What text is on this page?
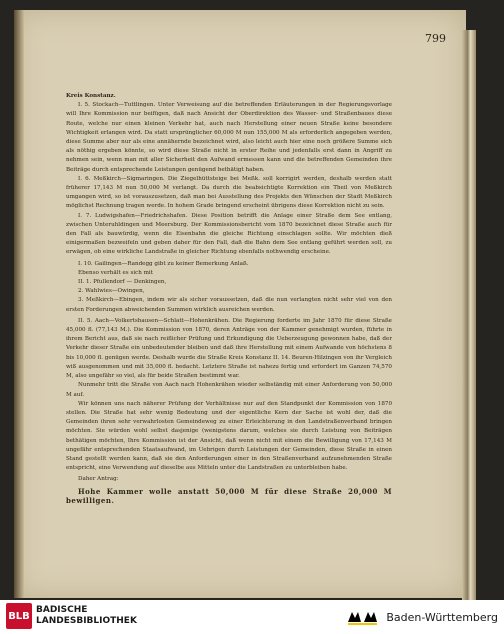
799

Kreis Konstanz.

I. 5. Stockach—Tuttlingen. Unter Verweisung auf die betreffenden Erläuterungen in der Regierungsvorlage will Ihre Kommission nur beifügen, daß nach Ansicht der Oberdirektion des Wasser- und Straßenbaues diese Route, welche nur einen kleinen Verkehr hat, auch nach Herstellung einer neuen Straße keine besondere Wichtigkeit erlangen wird. Da statt ursprünglicher 60,000 M nun 155,000 M als erforderlich angegeben werden, diese Summe aber nur als eine annähernde bezeichnet wird, also leicht auch hier eine noch größere Summe sich als nöthig ergeben könnte, so wird diese Straße nicht in erster Reihe und jedenfalls erst dann in Angriff zu nehmen sein, wenn man mit aller Sicherheit den Aufwand ermessen kann und die betreffenden Gemeinden ihre Beiträge durch entsprechende Leistungen genügend bethätigt haben.

I. 6. Meßkirch—Sigmaringen. Die Ziegelhüttsteige bei Meßk. soll korrigirt werden, deshalb werden statt früherer 17,143 M nun 50,000 M verlangt. Da durch die beabsichtigte Korrektion ein Theil von Meßkirch umgangen wird, so ist vorauszusetzen, daß man bei Ausstellung des Projekts den Wünschen der Stadt Meßkirch möglichst Rechnung tragen werde. In hohem Grade bringend erscheint übrigens diese Korrektion nicht zu sein.

I. 7. Ludwigshafen—Friedrichshafen. Diese Position betrifft die Anlage einer Straße dem See entlang, zwischen Unteruhldingen und Meersburg. Der Kommissionsbericht vom 1870 bezeichnet diese Straße auch für den Fall als bauwürdig, wenn die Eisenbahn die gleiche Richtung einschlagen sollte. Wir möchten dieß einigermaßen bezweifeln und geben daher für den Fall, daß die Bahn dem See entlang geführt werden soll, zu erwägen, ob eine wirkliche Landstraße in gleicher Richtung ebenfalls nothwendig erscheine.

I. 10. Gailingen—Randegg gibt zu keiner Bemerkung Anlaß.

Ebenso verhält es sich mit

II. 1. Pfullendorf — Denkingen,

2. Wahlwies—Owingen,

3. Meßkirch—Ebingen, indem wir als sicher voraussetzen, daß die nun verlangten nicht sehr viel von den ersten Forderungen abweichenden Summen wirklich ausreichen werden.

II. 5. Aach—Volkertshausen—Schlatt—Hohenkrähen. Die Regierung forderte im Jahr 1870 für diese Straße 45,000 fl. (77,143 M.). Die Kommission von 1870, deren Anträge von der Kammer genehmigt wurden, führte in ihrem Bericht aus, daß sie nach reiflicher Prüfung und Erkundigung die Ueberzeugung gewonnen habe, daß der Verkehr dieser Straße ein unbedeutender bleiben und daß ihre Herstellung mit einem Aufwande von höchstens 8 bis 10,000 fl. genügen werde. Deshalb wurde die Straße Kreis Konstanz II. 14. Beuren-Hilzingen von ihr Vergleich wiß ausgenommen und mit 35,000 fl. bedacht. Letztere Straße ist nahezu fertig und erfordert im Ganzen 74,570 M, also ungefähr so viel, als für beide Straßen bestimmt war.

Nunmehr tritt die Straße von Aach nach Hohenkrähen wieder selbständig mit einer Anforderung von 50,000 M auf.

Wir können uns nach näherer Prüfung der Verhältnisse nur auf den Standpunkt der Kommission von 1870 stellen. Die Straße hat sehr wenig Bedeutung und der eigentliche Kern der Sache ist wohl der, daß die Gemeinden ihren sehr verwahrlosten Gemeindeweg zu einer Erleichterung in den Landstraßenverband bringen möchten. Sie würden wohl selbst dasjenige (wenigstens darum, welches sie durch Leistung von Beiträgen bethätigen möchten, Ihre Kommission ist der Ansicht, daß wenn nicht mit einem die Bewilligung von 17,143 M ungefähr entsprechenden Staatsaufwand, im Uebrigen durch Leistungen der Gemeinden, diese Straße in einen Stand gestellt werden kann, daß sie den Anforderungen einer in den Straßenverband aufzunehmenden Straße entspricht, eine Verwendung auf dieselbe aus Mitteln unter die Landstraßen zu unterbleiben habe.

Daher Antrag:

Hohe Kammer wolle anstatt 50,000 M für diese Straße 20,000 M bewilligen.

BLB
BADISCHE
LANDESBIBLIOTHEK	Baden-Württemberg
